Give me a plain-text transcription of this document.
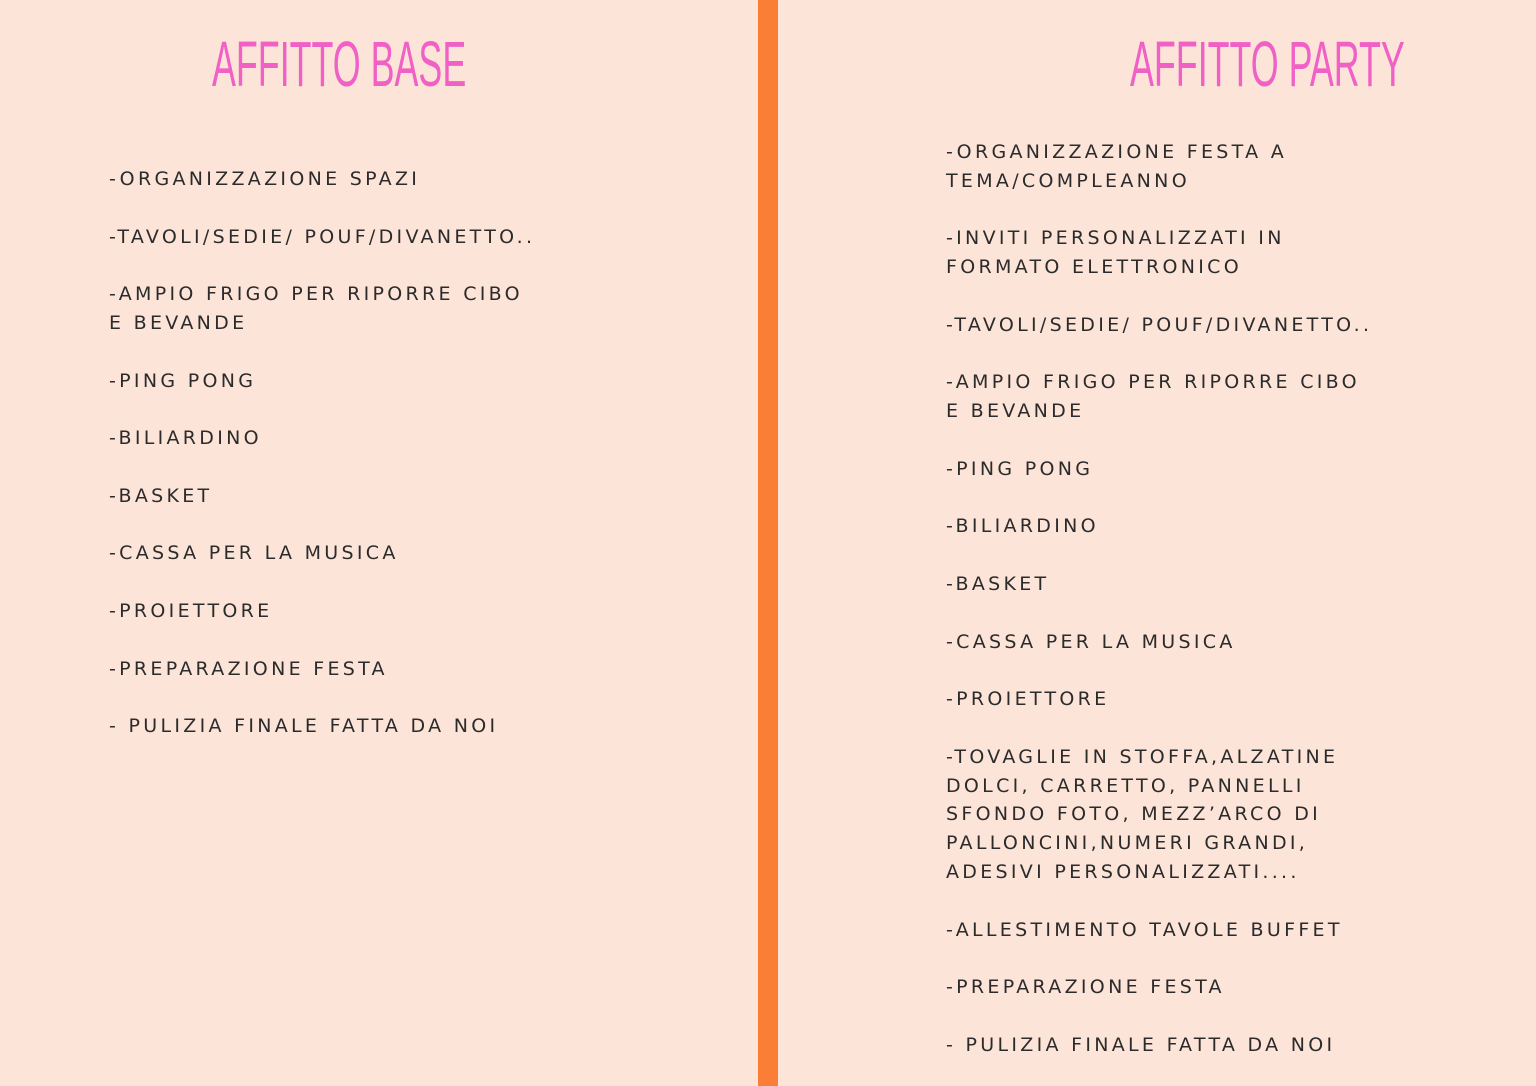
AFFITTO BASE	AFFITTO PARTY
-ORGANIZZAZIONE SPAZI
-TAVOLI/SEDIE/ POUF/DIVANETTO..
-AMPIO FRIGO PER RIPORRE CIBO
E BEVANDE
-PING PONG
-BILIARDINO
-BASKET
-CASSA PER LA MUSICA
-PROIETTORE
-PREPARAZIONE FESTA
- PULIZIA FINALE FATTA DA NOI
-ORGANIZZAZIONE FESTA A
TEMA/COMPLEANNO
-INVITI PERSONALIZZATI IN
FORMATO ELETTRONICO
-TAVOLI/SEDIE/ POUF/DIVANETTO..
-AMPIO FRIGO PER RIPORRE CIBO
E BEVANDE
-PING PONG
-BILIARDINO
-BASKET
-CASSA PER LA MUSICA
-PROIETTORE
-TOVAGLIE IN STOFFA,ALZATINE
DOLCI, CARRETTO, PANNELLI
SFONDO FOTO, MEZZ’ARCO DI
PALLONCINI,NUMERI GRANDI,
ADESIVI PERSONALIZZATI....
-ALLESTIMENTO TAVOLE BUFFET
-PREPARAZIONE FESTA
- PULIZIA FINALE FATTA DA NOI
